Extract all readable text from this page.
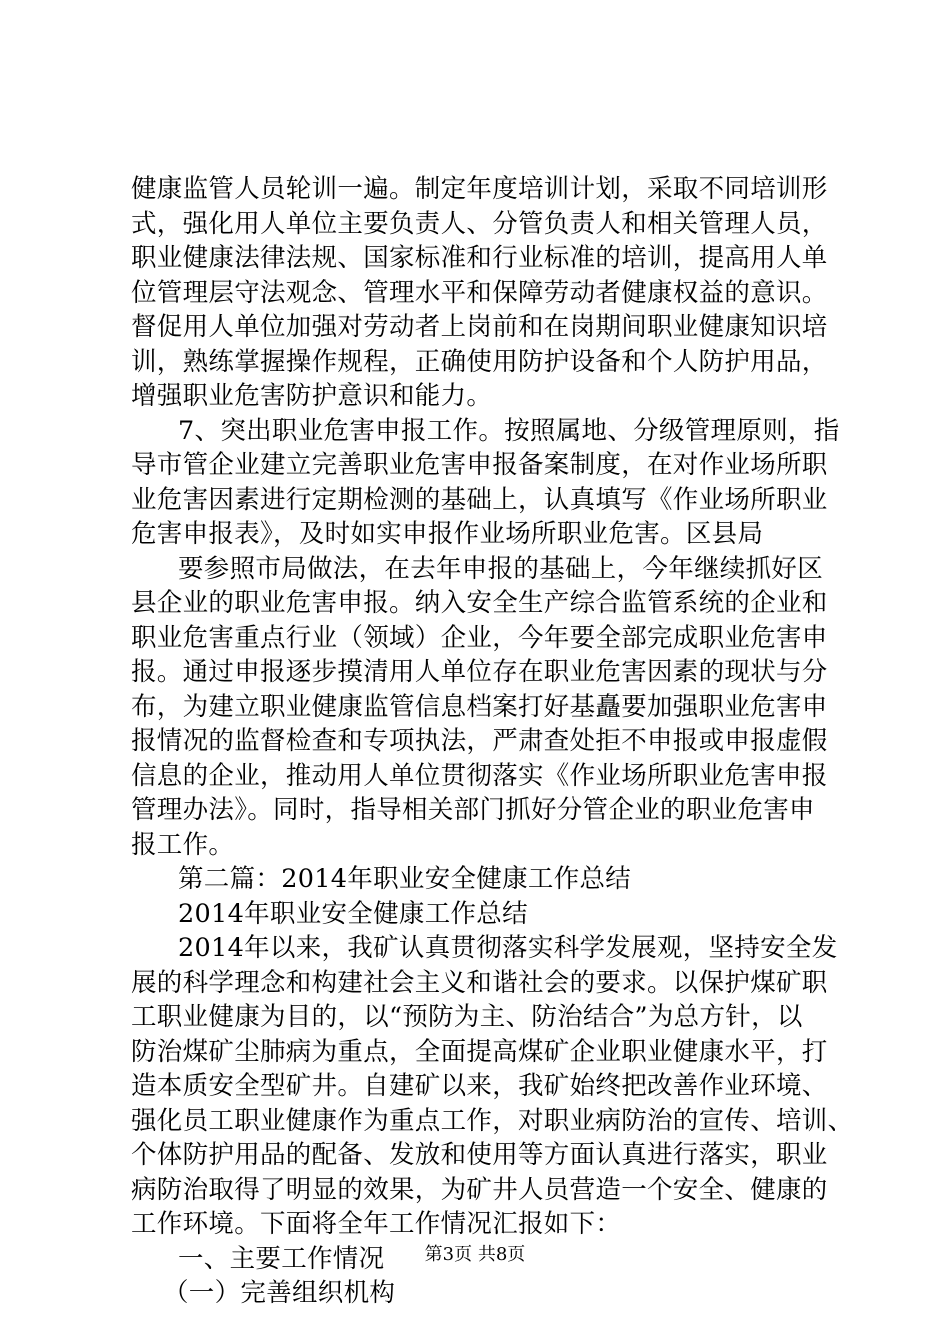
健康监管人员轮训一遍。制定年度培训计划，采取不同培训形
式，强化用人单位主要负责人、分管负责人和相关管理人员，
职业健康法律法规、国家标准和行业标准的培训，提高用人单
位管理层守法观念、管理水平和保障劳动者健康权益的意识。
督促用人单位加强对劳动者上岗前和在岗期间职业健康知识培
训，熟练掌握操作规程，正确使用防护设备和个人防护用品，
增强职业危害防护意识和能力。
7、突出职业危害申报工作。按照属地、分级管理原则，指
导市管企业建立完善职业危害申报备案制度，在对作业场所职
业危害因素进行定期检测的基础上，认真填写《作业场所职业
危害申报表》，及时如实申报作业场所职业危害。区县局
要参照市局做法，在去年申报的基础上，今年继续抓好区
县企业的职业危害申报。纳入安全生产综合监管系统的企业和
职业危害重点行业（领域）企业，今年要全部完成职业危害申
报。通过申报逐步摸清用人单位存在职业危害因素的现状与分
布，为建立职业健康监管信息档案打好基矗要加强职业危害申
报情况的监督检查和专项执法，严肃查处拒不申报或申报虚假
信息的企业，推动用人单位贯彻落实《作业场所职业危害申报
管理办法》。同时，指导相关部门抓好分管企业的职业危害申
报工作。
第二篇：2014年职业安全健康工作总结
2014年职业安全健康工作总结
2014年以来，我矿认真贯彻落实科学发展观，坚持安全发
展的科学理念和构建社会主义和谐社会的要求。以保护煤矿职
工职业健康为目的，以“预防为主、防治结合”为总方针，以
防治煤矿尘肺病为重点，全面提高煤矿企业职业健康水平，打
造本质安全型矿井。自建矿以来，我矿始终把改善作业环境、
强化员工职业健康作为重点工作，对职业病防治的宣传、培训、
个体防护用品的配备、发放和使用等方面认真进行落实，职业
病防治取得了明显的效果，为矿井人员营造一个安全、健康的
工作环境。下面将全年工作情况汇报如下：
一、主要工作情况
（一）完善组织机构
第3页 共8页
